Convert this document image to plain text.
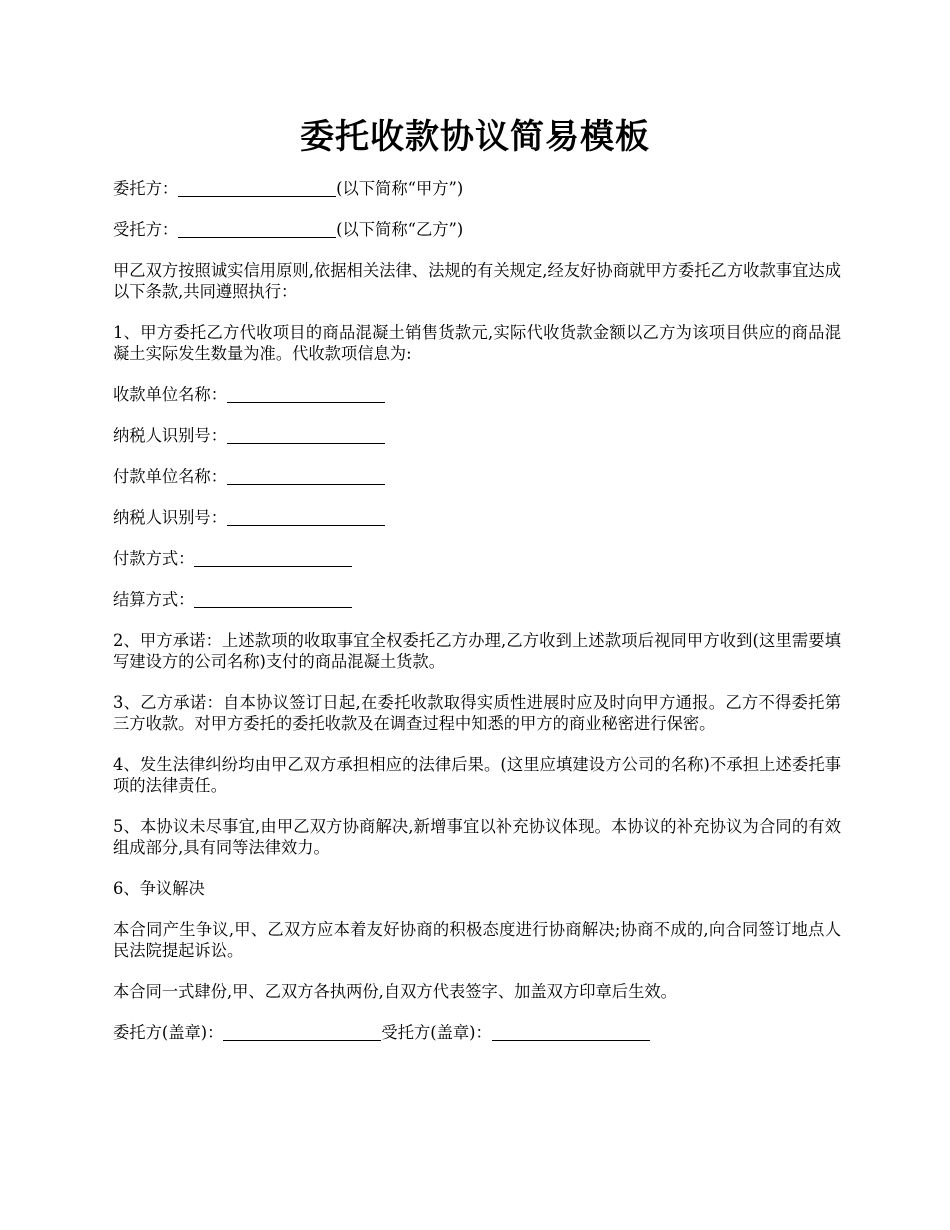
委托收款协议简易模板

委托方：	(以下简称“甲方”)

受托方：	(以下简称“乙方”)

甲乙双方按照诚实信用原则,依据相关法律、法规的有关规定,经友好协商就甲方委托乙方收款事宜达成以下条款,共同遵照执行：

1、甲方委托乙方代收项目的商品混凝土销售货款元,实际代收货款金额以乙方为该项目供应的商品混凝土实际发生数量为准。代收款项信息为:

收款单位名称：

纳税人识别号：

付款单位名称：

纳税人识别号：

付款方式：

结算方式：

2、甲方承诺：上述款项的收取事宜全权委托乙方办理,乙方收到上述款项后视同甲方收到(这里需要填写建设方的公司名称)支付的商品混凝土货款。

3、乙方承诺：自本协议签订日起,在委托收款取得实质性进展时应及时向甲方通报。乙方不得委托第三方收款。对甲方委托的委托收款及在调查过程中知悉的甲方的商业秘密进行保密。

4、发生法律纠纷均由甲乙双方承担相应的法律后果。(这里应填建设方公司的名称)不承担上述委托事项的法律责任。

5、本协议未尽事宜,由甲乙双方协商解决,新增事宜以补充协议体现。本协议的补充协议为合同的有效组成部分,具有同等法律效力。

6、争议解决

本合同产生争议,甲、乙双方应本着友好协商的积极态度进行协商解决;协商不成的,向合同签订地点人民法院提起诉讼。

本合同一式肆份,甲、乙双方各执两份,自双方代表签字、加盖双方印章后生效。

委托方(盖章)：	受托方(盖章)：
